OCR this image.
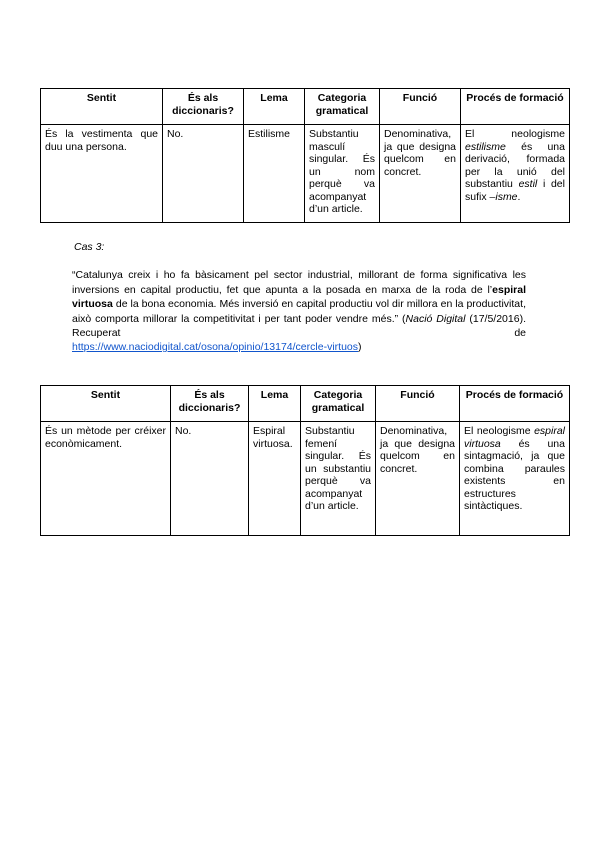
Sentit	És als diccionaris?	Lema	Categoria gramatical	Funció	Procés de formació
És la vestimenta que duu una persona.	No.	Estilisme	Substantiu masculí singular. És un nom perquè va acompanyat d’un article.	Denominativa, ja que designa quelcom en concret.	El neologisme estilisme és una derivació, formada per la unió del substantiu estil i del sufix –isme.
Cas 3:
“Catalunya creix i ho fa bàsicament pel sector industrial, millorant de forma significativa les inversions en capital productiu, fet que apunta a la posada en marxa de la roda de l’espiral virtuosa de la bona economia. Més inversió en capital productiu vol dir millora en la productivitat, això comporta millorar la competitivitat i per tant poder vendre més.” (Nació Digital (17/5/2016). Recuperat de
https://www.naciodigital.cat/osona/opinio/13174/cercle-virtuos)
Sentit	És als diccionaris?	Lema	Categoria gramatical	Funció	Procés de formació
És un mètode per créixer econòmicament.	No.	Espiral virtuosa.	Substantiu femení singular. És un substantiu perquè va acompanyat d’un article.	Denominativa, ja que designa quelcom en concret.	El neologisme espiral virtuosa és una sintagmació, ja que combina paraules existents en estructures sintàctiques.
